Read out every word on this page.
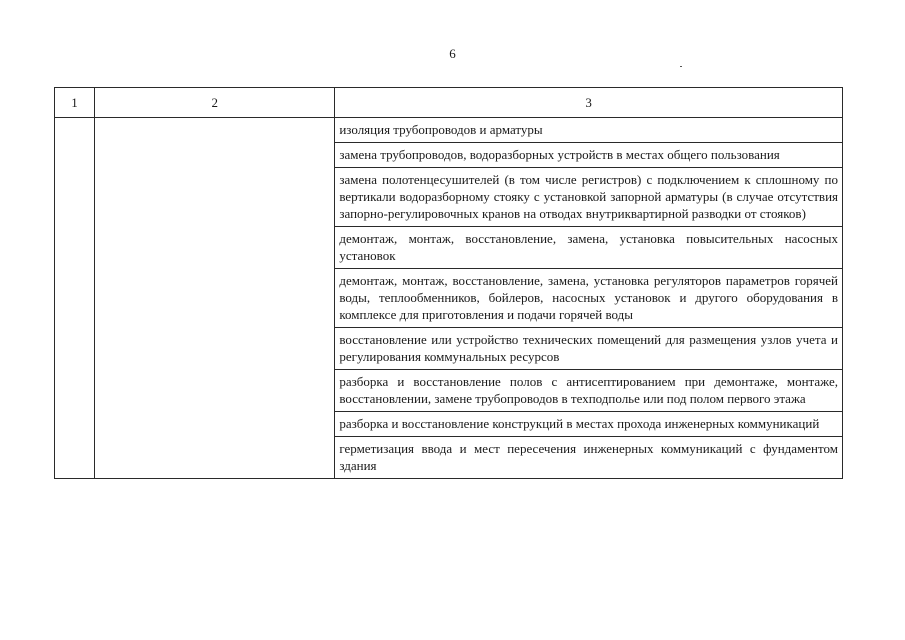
6
1	2	3

		изоляция трубопроводов и арматуры

		замена трубопроводов, водоразборных устройств в местах общего пользования

		замена полотенцесушителей (в том числе регистров) с подключением к сплошному по вертикали водоразборному стояку с установкой запорной арматуры (в случае отсутствия запорно-регулировочных кранов на отводах внутриквартирной разводки от стояков)

		демонтаж, монтаж, восстановление, замена, установка повысительных насосных установок

		демонтаж, монтаж, восстановление, замена, установка регуляторов параметров горячей воды, теплообменников, бойлеров, насосных установок и другого оборудования в комплексе для приготовления и подачи горячей воды

		восстановление или устройство технических помещений для размещения узлов учета и регулирования коммунальных ресурсов

		разборка и восстановление полов с антисептированием при демонтаже, монтаже, восстановлении, замене трубопроводов в техподполье или под полом первого этажа

		разборка и восстановление конструкций в местах прохода инженерных коммуникаций

		герметизация ввода и мест пересечения инженерных коммуникаций с фундаментом здания
